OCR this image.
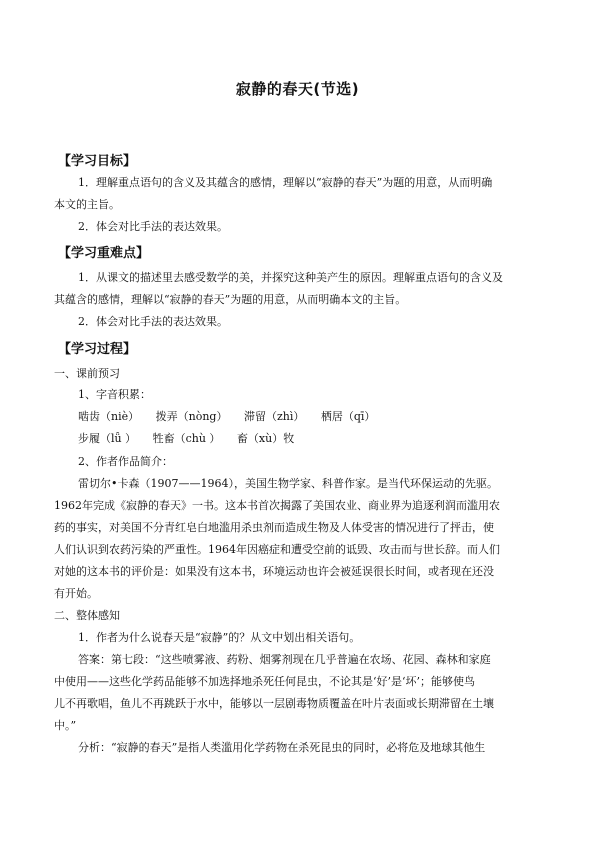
寂静的春天(节选)
【学习目标】
1．理解重点语句的含义及其蕴含的感情，理解以“寂静的春天”为题的用意，从而明确
本文的主旨。
2．体会对比手法的表达效果。
【学习重难点】
1．从课文的描述里去感受数学的美，并探究这种美产生的原因。理解重点语句的含义及
其蕴含的感情，理解以“寂静的春天”为题的用意，从而明确本文的主旨。
2．体会对比手法的表达效果。
【学习过程】
一、课前预习
1、字音积累：
啮齿（niè）　　拨弄（nòng）　　滞留（zhì）　　栖居（qī）
步履（lǚ ）　　牲畜（chù ）　　畜（xù）牧
2、作者作品简介：
雷切尔•卡森（1907——1964），美国生物学家、科普作家。是当代环保运动的先驱。
1962年完成《寂静的春天》一书。这本书首次揭露了美国农业、商业界为追逐利润而滥用农
药的事实，对美国不分青红皂白地滥用杀虫剂而造成生物及人体受害的情况进行了抨击，使
人们认识到农药污染的严重性。1964年因癌症和遭受空前的诋毁、攻击而与世长辞。而人们
对她的这本书的评价是：如果没有这本书，环境运动也许会被延误很长时间，或者现在还没
有开始。
二、整体感知
1．作者为什么说春天是“寂静”的？从文中划出相关语句。
答案：第七段：“这些喷雾液、药粉、烟雾剂现在几乎普遍在农场、花园、森林和家庭
中使用——这些化学药品能够不加选择地杀死任何昆虫，不论其是‘好’是‘坏’；能够使鸟
儿不再歌唱，鱼儿不再跳跃于水中，能够以一层剧毒物质覆盖在叶片表面或长期滞留在土壤
中。”
分析：“寂静的春天”是指人类滥用化学药物在杀死昆虫的同时，必将危及地球其他生
